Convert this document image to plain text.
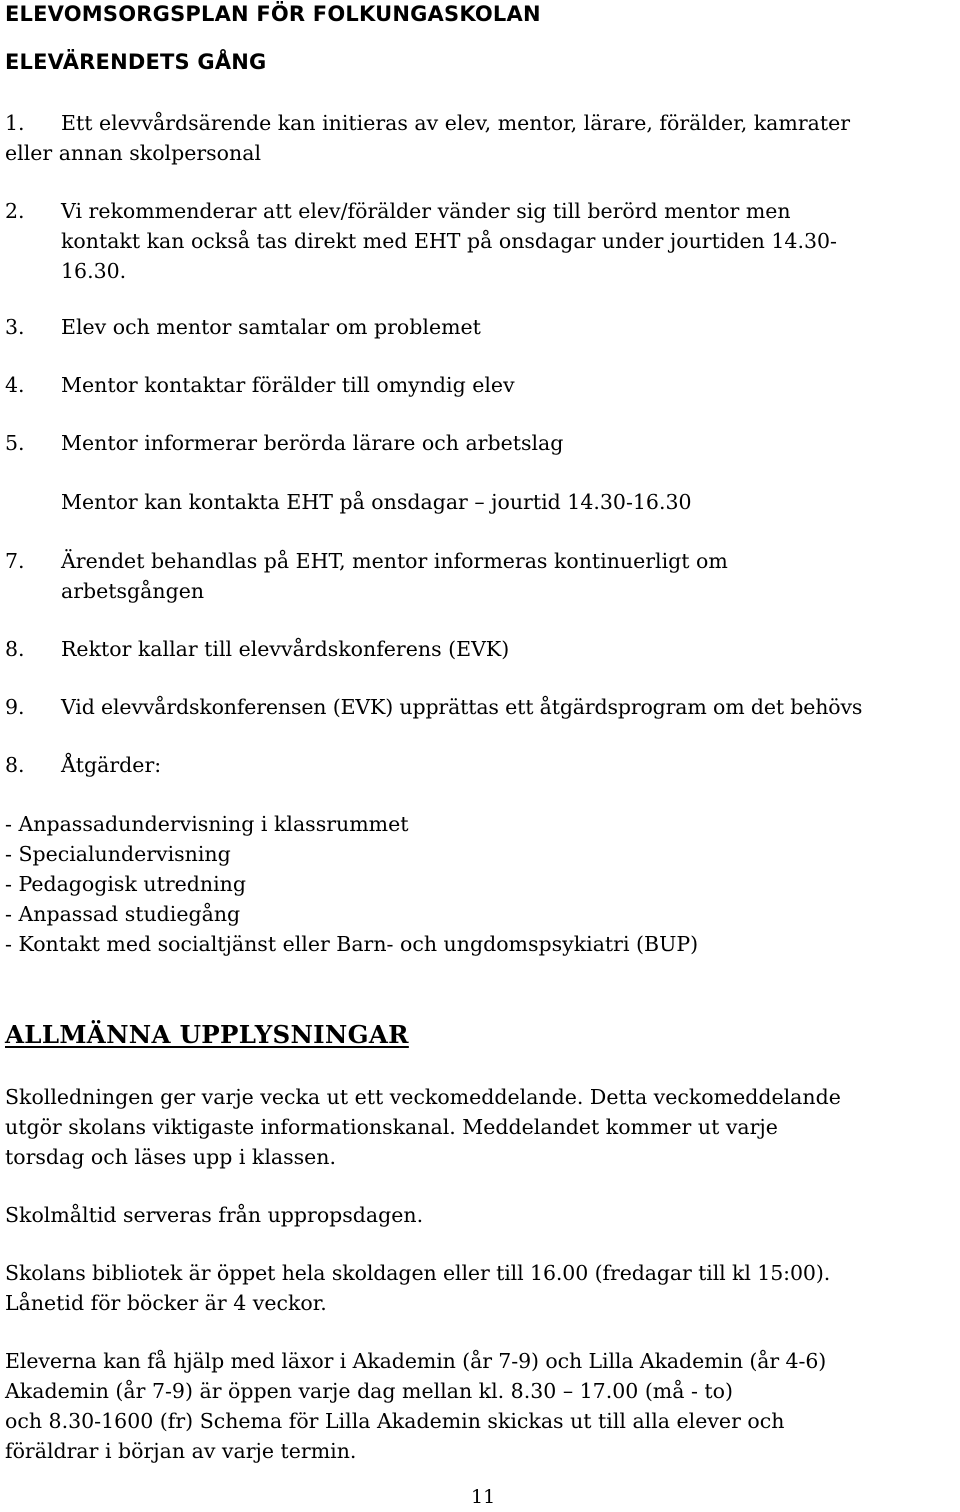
ELEVOMSORGSPLAN FÖR FOLKUNGASKOLAN
ELEVÄRENDETS GÅNG
1. Ett elevvårdsärende kan initieras av elev, mentor, lärare, förälder, kamrater
eller annan skolpersonal
2. Vi rekommenderar att elev/förälder vänder sig till berörd mentor men
kontakt kan också tas direkt med EHT på onsdagar under jourtiden 14.30-
16.30.
3. Elev och mentor samtalar om problemet
4. Mentor kontaktar förälder till omyndig elev
5. Mentor informerar berörda lärare och arbetslag
Mentor kan kontakta EHT på onsdagar – jourtid 14.30-16.30
7. Ärendet behandlas på EHT, mentor informeras kontinuerligt om
arbetsgången
8. Rektor kallar till elevvårdskonferens (EVK)
9. Vid elevvårdskonferensen (EVK) upprättas ett åtgärdsprogram om det behövs
8. Åtgärder:
- Anpassadundervisning i klassrummet
- Specialundervisning
- Pedagogisk utredning
- Anpassad studiegång
- Kontakt med socialtjänst eller Barn- och ungdomspsykiatri (BUP)
ALLMÄNNA UPPLYSNINGAR
Skolledningen ger varje vecka ut ett veckomeddelande. Detta veckomeddelande
utgör skolans viktigaste informationskanal. Meddelandet kommer ut varje
torsdag och läses upp i klassen.
Skolmåltid serveras från uppropsdagen.
Skolans bibliotek är öppet hela skoldagen eller till 16.00 (fredagar till kl 15:00).
Lånetid för böcker är 4 veckor.
Eleverna kan få hjälp med läxor i Akademin (år 7-9) och Lilla Akademin (år 4-6)
Akademin (år 7-9) är öppen varje dag mellan kl. 8.30 – 17.00 (må - to)
och 8.30-1600 (fr) Schema för Lilla Akademin skickas ut till alla elever och
föräldrar i början av varje termin.
11
